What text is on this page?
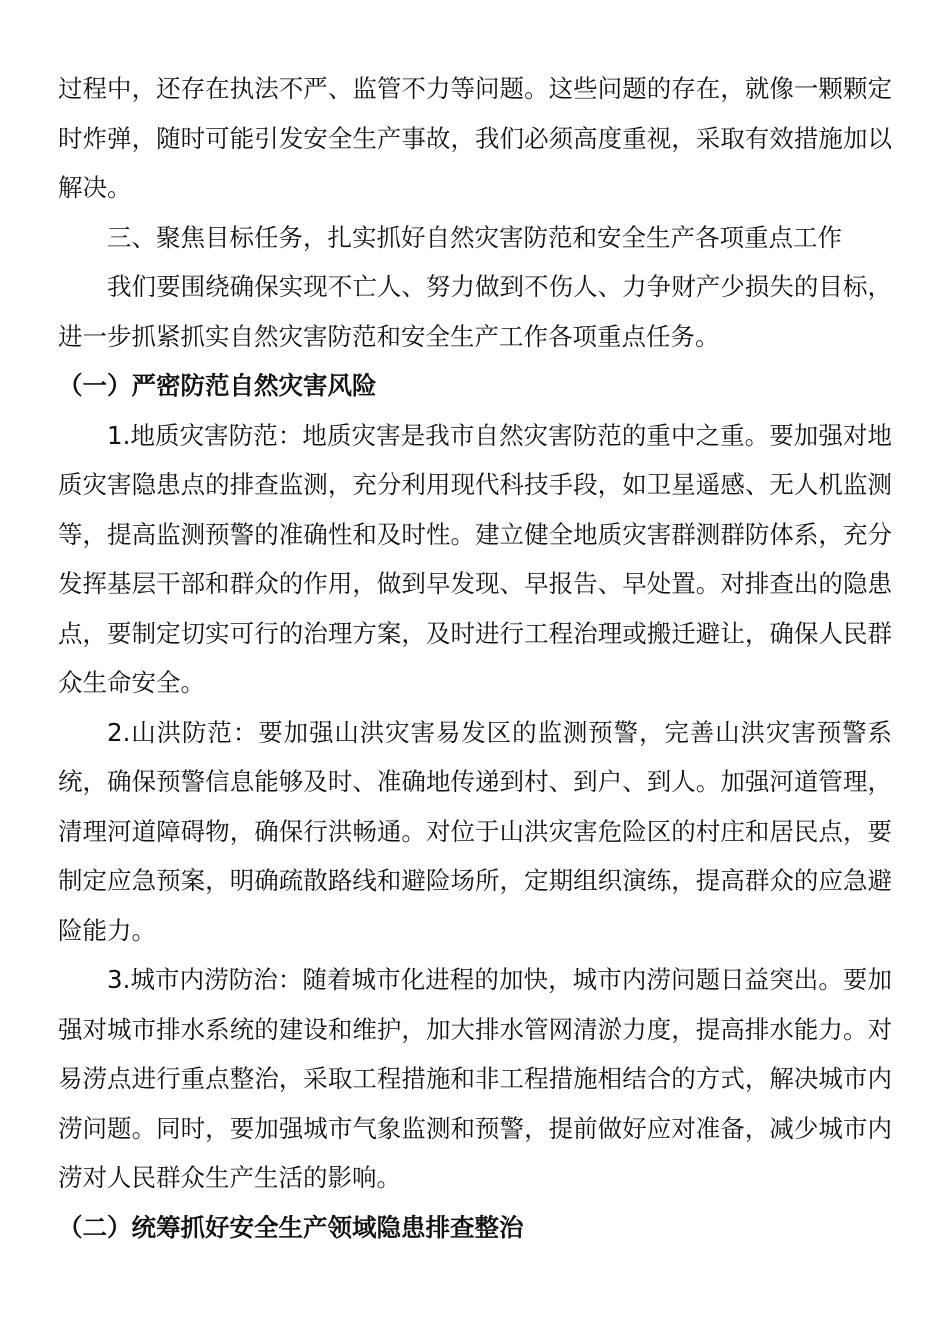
过程中，还存在执法不严、监管不力等问题。这些问题的存在，就像一颗颗定时炸弹，随时可能引发安全生产事故，我们必须高度重视，采取有效措施加以解决。

三、聚焦目标任务，扎实抓好自然灾害防范和安全生产各项重点工作

我们要围绕确保实现不亡人、努力做到不伤人、力争财产少损失的目标，进一步抓紧抓实自然灾害防范和安全生产工作各项重点任务。

（一）严密防范自然灾害风险

1.地质灾害防范：地质灾害是我市自然灾害防范的重中之重。要加强对地质灾害隐患点的排查监测，充分利用现代科技手段，如卫星遥感、无人机监测等，提高监测预警的准确性和及时性。建立健全地质灾害群测群防体系，充分发挥基层干部和群众的作用，做到早发现、早报告、早处置。对排查出的隐患点，要制定切实可行的治理方案，及时进行工程治理或搬迁避让，确保人民群众生命安全。

2.山洪防范：要加强山洪灾害易发区的监测预警，完善山洪灾害预警系统，确保预警信息能够及时、准确地传递到村、到户、到人。加强河道管理，清理河道障碍物，确保行洪畅通。对位于山洪灾害危险区的村庄和居民点，要制定应急预案，明确疏散路线和避险场所，定期组织演练，提高群众的应急避险能力。

3.城市内涝防治：随着城市化进程的加快，城市内涝问题日益突出。要加强对城市排水系统的建设和维护，加大排水管网清淤力度，提高排水能力。对易涝点进行重点整治，采取工程措施和非工程措施相结合的方式，解决城市内涝问题。同时，要加强城市气象监测和预警，提前做好应对准备，减少城市内涝对人民群众生产生活的影响。

（二）统筹抓好安全生产领域隐患排查整治
